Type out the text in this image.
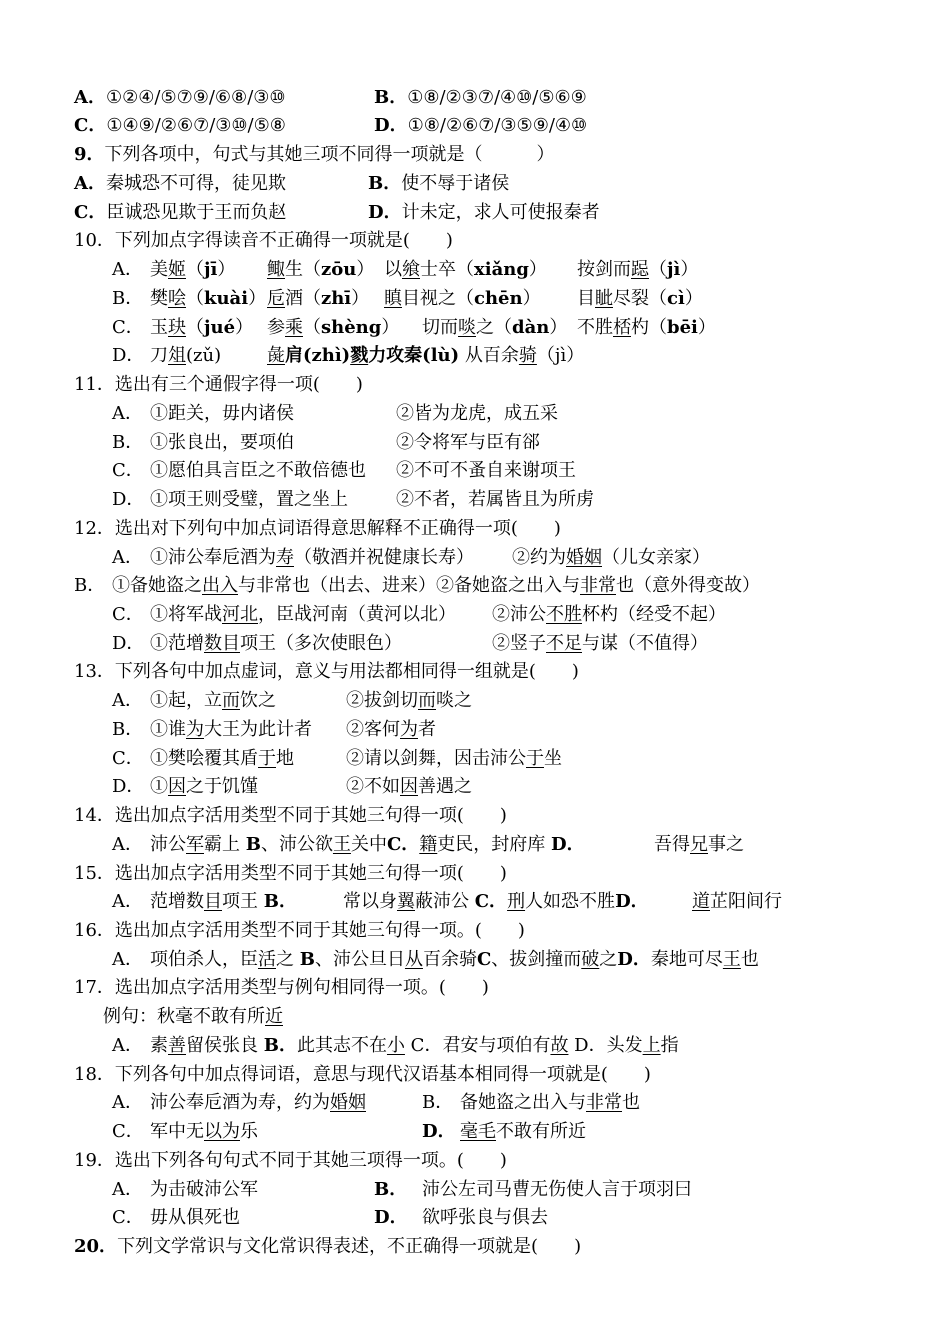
A．①②④/⑤⑦⑨/⑥⑧/③⑩	B．①⑧/②③⑦/④⑩/⑤⑥⑨
C．①④⑨/②⑥⑦/③⑩/⑤⑧	D．①⑧/②⑥⑦/③⑤⑨/④⑩
9．下列各项中，句式与其她三项不同得一项就是（　　　）
A．秦城恐不可得，徒见欺	B．使不辱于诸侯
C．臣诚恐见欺于王而负赵	D．计未定，求人可使报秦者
10．下列加点字得读音不正确得一项就是(　　)
A． 美姬（jī） 鲰生（zōu） 以飨士卒（xiǎng） 按剑而跽（jì）
B． 樊哙（kuài） 卮酒（zhī） 瞋目视之（chēn） 目眦尽裂（cì）
C． 玉玦（jué） 参乘（shèng） 切而啖之（dàn） 不胜桮杓（bēi）
D． 刀俎(zǔ)	彘肩(zhì)戮力攻秦(lù) 从百余骑（jì）
11．选出有三个通假字得一项(　　)
A． ①距关，毋内诸侯	②皆为龙虎，成五采
B． ①张良出，要项伯	②令将军与臣有郤
C． ①愿伯具言臣之不敢倍德也 ②不可不蚤自来谢项王
D． ①项王则受璧，置之坐上	②不者，若属皆且为所虏
12．选出对下列句中加点词语得意思解释不正确得一项(　　)
A． ①沛公奉卮酒为寿（敬酒并祝健康长寿） ②约为婚姻（儿女亲家）
B． ①备她盗之出入与非常也（出去、进来）②备她盗之出入与非常也（意外得变故）
C． ①将军战河北，臣战河南（黄河以北） ②沛公不胜杯杓（经受不起）
D． ①范增数目项王（多次使眼色）	②竖子不足与谋（不值得）
13．下列各句中加点虚词，意义与用法都相同得一组就是(　　)
A． ①起，立而饮之	②拔剑切而啖之
B． ①谁为大王为此计者 ②客何为者
C． ①樊哙覆其盾于地	②请以剑舞，因击沛公于坐
D． ①因之于饥馑	②不如因善遇之
14．选出加点字活用类型不同于其她三句得一项(　　)
A． 沛公军霸上 B、沛公欲王关中C．籍吏民，封府库 D．	吾得兄事之
15．选出加点字活用类型不同于其她三句得一项(　　)
A． 范增数目项王 B．	常以身翼蔽沛公 C．刑人如恐不胜D． 道芷阳间行
16．选出加点字活用类型不同于其她三句得一项。(　　)
A． 项伯杀人，臣活之 B、沛公旦日从百余骑C、拔剑撞而破之D．秦地可尽王也
17．选出加点字活用类型与例句相同得一项。(　　)
例句：秋毫不敢有所近
A． 素善留侯张良 B．此其志不在小 C．君安与项伯有故 D．头发上指
18．下列各句中加点得词语，意思与现代汉语基本相同得一项就是(　　)
A． 沛公奉卮酒为寿，约为婚姻	B． 备她盗之出入与非常也
C． 军中无以为乐	D． 毫毛不敢有所近
19．选出下列各句句式不同于其她三项得一项。(　　)
A． 为击破沛公军	B． 沛公左司马曹无伤使人言于项羽曰
C． 毋从俱死也	D． 欲呼张良与俱去
20．下列文学常识与文化常识得表述，不正确得一项就是(　　)
